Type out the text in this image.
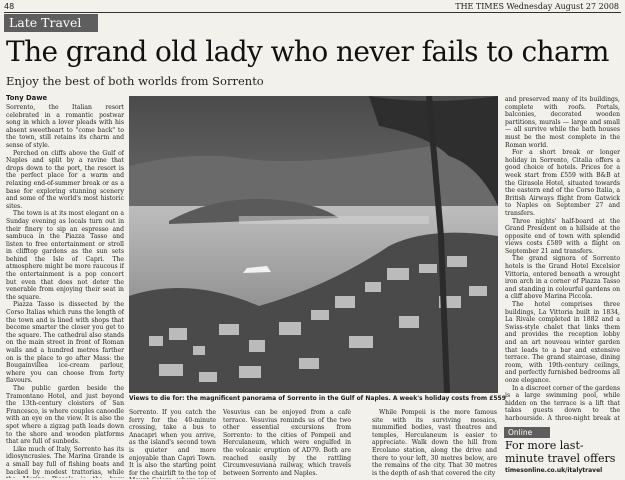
48	THE TIMES Wednesday August 27 2008
Late Travel
The grand old lady who never fails to charm
Enjoy the best of both worlds from Sorrento
Tony Dawe

Sorrento, the Italian resort celebrated in a romantic postwar song in which a lover pleads with his absent sweetheart to "come back" to the town, still retains its charm and sense of style.

Perched on cliffs above the Gulf of Naples and split by a ravine that drops down to the port, the resort is the perfect place for a warm and relaxing end-of-summer break or as a base for exploring stunning scenery and some of the world's most historic sites.

The town is at its most elegant on a Sunday evening as locals turn out in their finery to sip an espresso and sambuca in the Piazza Tasso and listen to free entertainment or stroll in clifftop gardens as the sun sets behind the Isle of Capri. The atmosphere might be more raucous if the entertainment is a pop concert but even that does not deter the venerable from enjoying their seat in the square.

Piazza Tasso is dissected by the Corso Italias which runs the length of the town and is lined with shops that become smarter the closer you get to the square. The cathedral also stands on the main street in front of Roman walls and a hundred metres farther on is the place to go after Mass: the Bougainvillea ice-cream parlour, where you can choose from forty flavours.

The public garden beside the Tramontano Hotel, and just beyond the 13th-century cloisters of San Francesco, is where couples canoodle with an eye on the view. It is also the spot where a zigzag path leads down to the shore and wooden platforms that are full of sunbeds.

Like much of Italy, Sorrento has its idiosyncrasies. The Marina Grande is a small bay full of fishing boats and backed by modest trattorias, while

Views to die for: the magnificent panorama of Sorrento in the Gulf of Naples. A week's holiday costs from £559

Sorrento. If you catch the ferry for the 40-minute crossing, take a bus to Anacapri when you arrive, as the island's second town is quieter and more enjoyable than Capri Town. It is also the starting point for the chairlift to the top of

Vesuvius can be enjoyed from a café terrace. Vesuvius reminds us of the two other essential excursions from Sorrento: to the cities of Pompeii and Herculaneum, which were engulfed in the volcanic eruption of AD79. Both are reached easily by the rattling Circumvesuviana railway, which travels between Sorrento and Naples.

While Pompeii is the more famous site with its surviving mosaics, mummified bodies, vast theatres and temples, Herculaneum is easier to appreciate. Walk down the hill from Ercolano station, along the drive and there to your left, 30 metres below, are the remains of the city. That 30 metres is the depth of ash that covered the city

and preserved many of its buildings, complete with roofs. Portals, balconies, decorated wooden partitions, murals — large and small — all survive while the bath houses must be the most complete in the Roman world.

For a short break or longer holiday in Sorrento, Citalia offers a good choice of hotels. Prices for a week start from £559 with B&B at the Girasole Hotel, situated towards the eastern end of the Corso Italia, a British Airways flight from Gatwick to Naples on September 27 and transfers.

Three nights' half-board at the Grand President on a hillside at the opposite end of town with splendid views costs £589 with a flight on September 21 and transfers.

The grand signora of Sorrento hotels is the Grand Hotel Excelsior Vittoria, entered beneath a wrought iron arch in a corner of Piazza Tasso and standing in colourful gardens on a cliff above Marina Piccola.

The hotel comprises three buildings, La Vittoria built in 1834, La Rivale completed in 1882 and a Swiss-style chalet that links them and provides the reception lobby and an art nouveau winter garden that leads to a bar and extensive terrace. The grand staircase, dining room, with 19th-century ceilings, and perfectly furnished bedrooms all ooze elegance.

In a discreet corner of the gardens is a large swimming pool, while hidden on the terrace is a lift that takes guests down to the harbourside. A three-night break at

Online
For more last-minute travel offers
timesonline.co.uk/italytravel
